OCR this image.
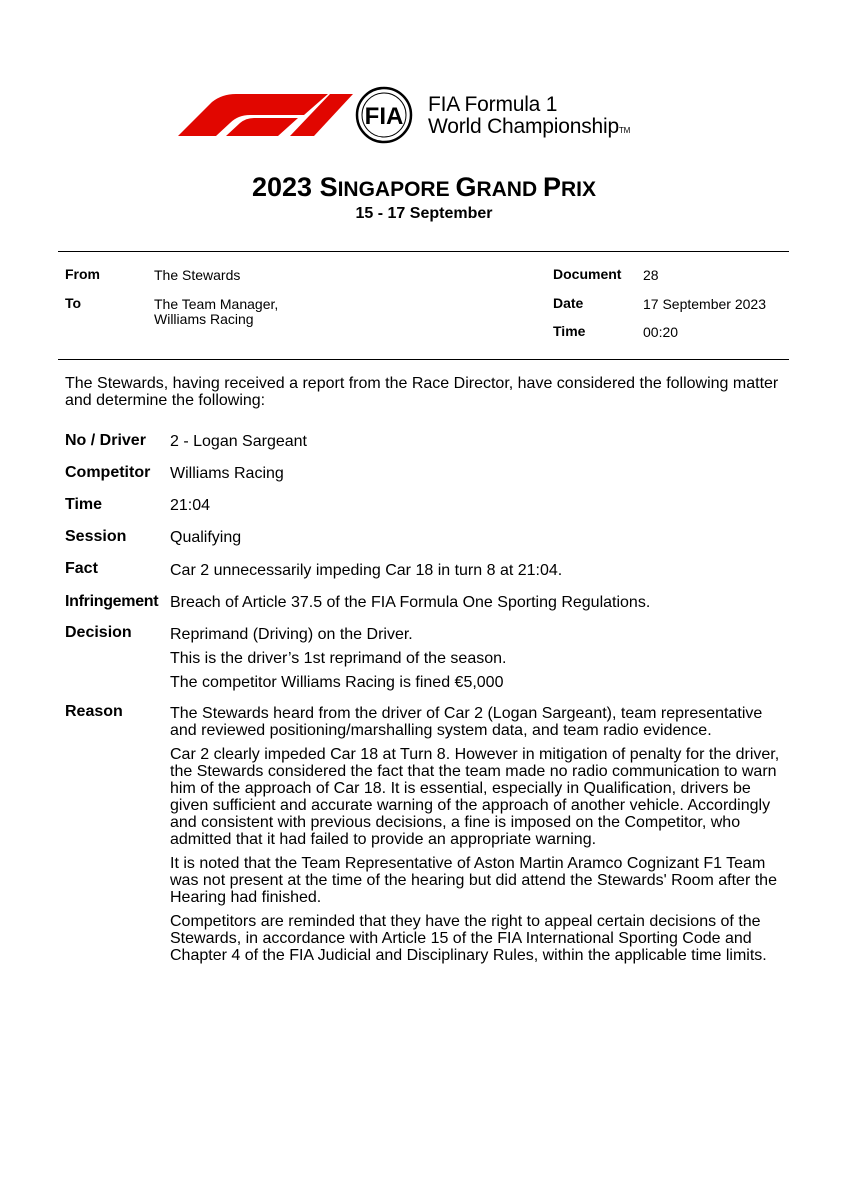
FIA FIA Formula 1
World ChampionshipTM
2023 SINGAPORE GRAND PRIX
15 - 17 September
From	The Stewards
To	The Team Manager,
Williams Racing
Document 28
Date	17 September 2023
Time	00:20
The Stewards, having received a report from the Race Director, have considered the following matter and determine the following:
No / Driver 2 - Logan Sargeant
Competitor Williams Racing
Time	21:04
Session	Qualifying
Fact	Car 2 unnecessarily impeding Car 18 in turn 8 at 21:04.
Infringement Breach of Article 37.5 of the FIA Formula One Sporting Regulations.
Decision Reprimand (Driving) on the Driver.

This is the driver’s 1st reprimand of the season.

The competitor Williams Racing is fined €5,000

Reason	The Stewards heard from the driver of Car 2 (Logan Sargeant), team representative and reviewed positioning/marshalling system data, and team radio evidence.

Car 2 clearly impeded Car 18 at Turn 8. However in mitigation of penalty for the driver, the Stewards considered the fact that the team made no radio communication to warn him of the approach of Car 18. It is essential, especially in Qualification, drivers be given sufficient and accurate warning of the approach of another vehicle. Accordingly and consistent with previous decisions, a fine is imposed on the Competitor, who admitted that it had failed to provide an appropriate warning.

It is noted that the Team Representative of Aston Martin Aramco Cognizant F1 Team was not present at the time of the hearing but did attend the Stewards' Room after the Hearing had finished.

Competitors are reminded that they have the right to appeal certain decisions of the Stewards, in accordance with Article 15 of the FIA International Sporting Code and Chapter 4 of the FIA Judicial and Disciplinary Rules, within the applicable time limits.
